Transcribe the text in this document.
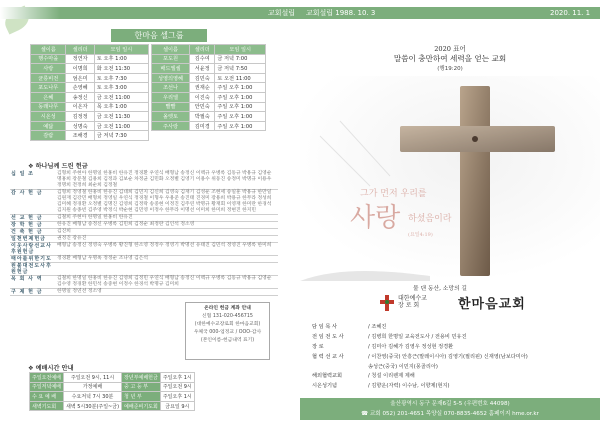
교회설립 1988. 10. 3
한마음 셀그룹
셀이름	셀리더	모임 일시
행수마을	정연자	토 오후 1:00
사랑	이명희	화 오전 11:30
균릉비전	엄은미	토 오후 7:30
포도나무	손영혜	토 오후 3:00
은혜	송정신	금 오전 11:00
동래나무	이온자	목 오후 1:00
시온성	김정정	금 오전 11:30
예닮	성명숙	금 오전 11:00
감람	조해경	금 저녁 7:30
셀이름	셀리더	모임 일시
포도원	김수여	금 저녁 7:00
배드엘셀	서윤정	금 저녁 7:50
성영의영혜	김민숙	토 오전 11:00
조선나	권재순	주일 오후 1:00
우리엘	이진숙	주일 오후 1:00
빨빨	안민숙	주일 오후 1:00
올렛토	박필숙	주일 오후 1:00
주사랑	김미경	주일 오후 1:00
❖ 하나님께 드린 헌금
십 일 조	김형희 주현아 한명일 한홍비 한유진 정경환 우연식 배형남 송정신 이맥규 우병록 김동규 박용규 김영순 명홍희 장문철 김용희 김정과 김보순 차정균 김민화 오정별 김영기 이용수 위동진 송정미 박명규 이용우 정명희 전정희 최순희 김정철
감 사 헌 금	김형희 정영철 한홍비 한유진 김대희 김민지 김신희 김영숙 김재기 김성운 조현세 송일훈 박용규 한만일 김원재 김강민 배형희 정영일 우연식 정경철 이형우 우용준 송진태 진경미 장용희 박용규 한무라 정성희 김미혜 정경환 오정별 김명진 김영희 김정락 송중현 이정진 김주연 박명규 황재회 이영재 한미란 한경석 김지원 송종빈 김주영 박정식 박순현 김민영 이정수 한무라 이명선 이미희 한미희 정현진 한지민
선 교 헌 금	김철희 주현아 한명일 한홍비 한유진
장 학 헌 금	한유진 배형남 송정신 우병록 김민희 김정순 최정란 김인석 정소영
건 축 헌 금	김진희
일천번제헌금	권정진 장유진
이웃사랑선교사후원헌금	배형남 송정신 정영숙 우병록 황진형 한소영 정정수 정영기 박명선 유태진 김민석 정영진 우병록 한미희
태아를위한기도	정경환 배형남 우명옥 정정순 조나영 김은석
원불대전도사후원헌금	
목 회 사 역	김철희 한명일 한홍비 한유진 김영희 김정민 우연식 배형남 송정신 이맥규 우병록 김동규 박용규 김영순 김수영 정경환 한민석 송중현 이정수 한경석 박명규 김미희
구 제 헌 금	한명일 정연선 정소영
온라인 헌금 계좌 안내
신협 131-020-456715
(대한예수교장로회 한마음교회)
우체국 000-업정교 / OOO-감사
(본인이름-헌금내역 표기)
❖ 예배시간 안내
주일오전예배	주일오전 9시, 11시	장년부예배헌금	주일오후 1시
주일저녁예배	가정예배	중 고 등 부	주일오전 9시
수 요 예 배	수요저녁 7시 30분	청 년 부	주일오후 1시
새벽기도회	새벽 5시30분(주일~금)	예배준비기도회	금요일 9시
교회설립 1988. 10. 3	2020. 11. 1
2020 표어
말씀이 충만하여 세력을 얻는 교회
(행19:20)
그가 먼저 우리를
사랑 하셨음이라
(요일4:19)
물 댄 동산, 소망의 길
대한예수교
장 로 회	한마음교회
담 임 목 사	/ 조혜진
전 임 전 도 사	/ 김병희 한명일 교육전도사 / 전용비 민유진
장 로	/ 김미아 김혜가 김영우 정성현 정경환
협 력 선 교 사	/ 이찬영(중국) 안흥근(말레이시아) 김영기(필리핀) 신재영(남보다미아)
	송성근(중국) 이민지(몽골리아)
해외협력교회	/ 청설 이리렌제 제해
시온성기념	/ 김향운(자력) 이수남, 이향제(현지)
울산광역시 동구 문재6길 5-5 (우편번호 44098)
☎ 교회 052) 201-4651 목양실 070-8835-4652 홈페이지 hme.or.kr
